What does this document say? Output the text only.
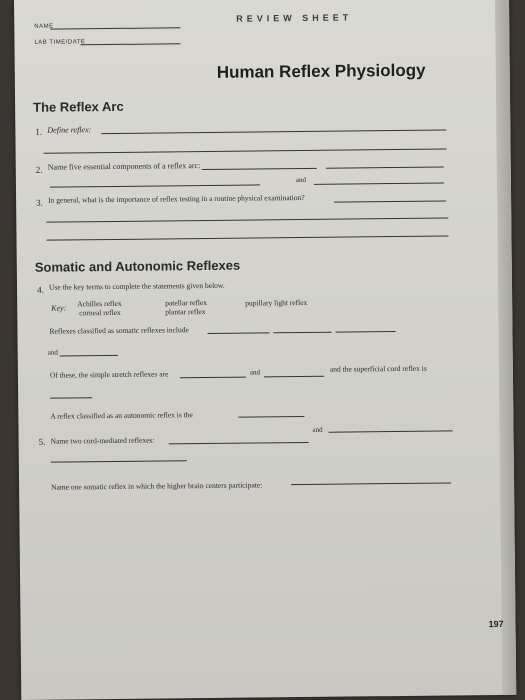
REVIEW SHEET
NAME
LAB TIME/DATE
Human Reflex Physiology
The Reflex Arc
1. Define reflex:
2. Name five essential components of a reflex arc:
and
3. In general, what is the importance of reflex testing in a routine physical examination?
Somatic and Autonomic Reflexes
4. Use the key terms to complete the statements given below.
Key: Achilles reflex
corneal reflex
patellar reflex
plantar reflex
pupillary light reflex
Reflexes classified as somatic reflexes include
and
Of these, the simple stretch reflexes are	and	and the superficial cord reflex is
A reflex classified as an autonomic reflex is the
5. Name two cord-mediated reflexes:
and
Name one somatic reflex in which the higher brain centers participate:
197
